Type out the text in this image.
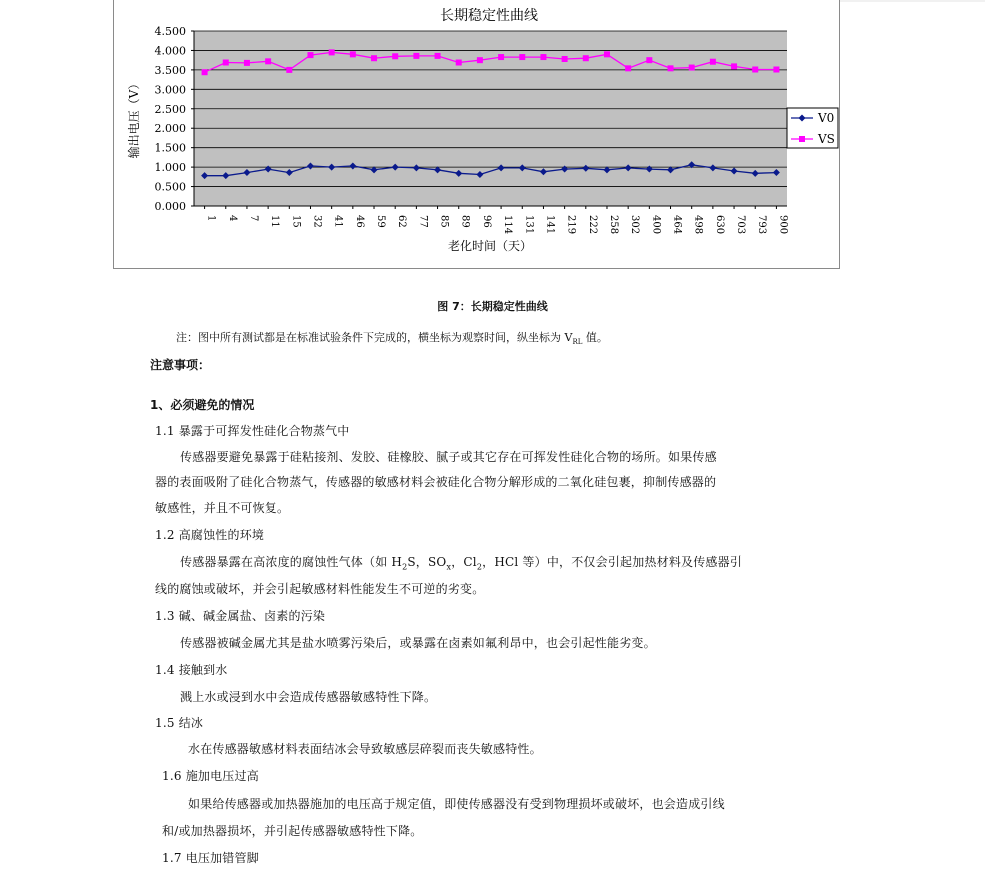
长期稳定性曲线
4.500
4.000
3.500
3.000
2.500
2.000
1.500
1.000
0.500
0.000
1 4 7 11 15 32 41 46 59 62 77 85 89 96 114 131 141 219 222 258 302 400 464 498 630 703 793 900
输出电压（V）
老化时间（天）
V0
VS
图 7：长期稳定性曲线
注：图中所有测试都是在标准试验条件下完成的，横坐标为观察时间，纵坐标为 $V_{RL}$ 值。
注意事项：
1、必须避免的情况
1.1 暴露于可挥发性硅化合物蒸气中
传感器要避免暴露于硅粘接剂、发胶、硅橡胶、腻子或其它存在可挥发性硅化合物的场所。如果传感
器的表面吸附了硅化合物蒸气，传感器的敏感材料会被硅化合物分解形成的二氧化硅包裹，抑制传感器的
敏感性，并且不可恢复。
1.2 高腐蚀性的环境
传感器暴露在高浓度的腐蚀性气体（如 $H_2S$，$SO_x$，$Cl_2$，HCl 等）中，不仅会引起加热材料及传感器引
线的腐蚀或破坏，并会引起敏感材料性能发生不可逆的劣变。
1.3 碱、碱金属盐、卤素的污染
传感器被碱金属尤其是盐水喷雾污染后，或暴露在卤素如氟利昂中，也会引起性能劣变。
1.4 接触到水
溅上水或浸到水中会造成传感器敏感特性下降。
1.5 结冰
水在传感器敏感材料表面结冰会导致敏感层碎裂而丧失敏感特性。
1.6 施加电压过高
如果给传感器或加热器施加的电压高于规定值，即使传感器没有受到物理损坏或破坏，也会造成引线
和/或加热器损坏，并引起传感器敏感特性下降。
1.7 电压加错管脚
